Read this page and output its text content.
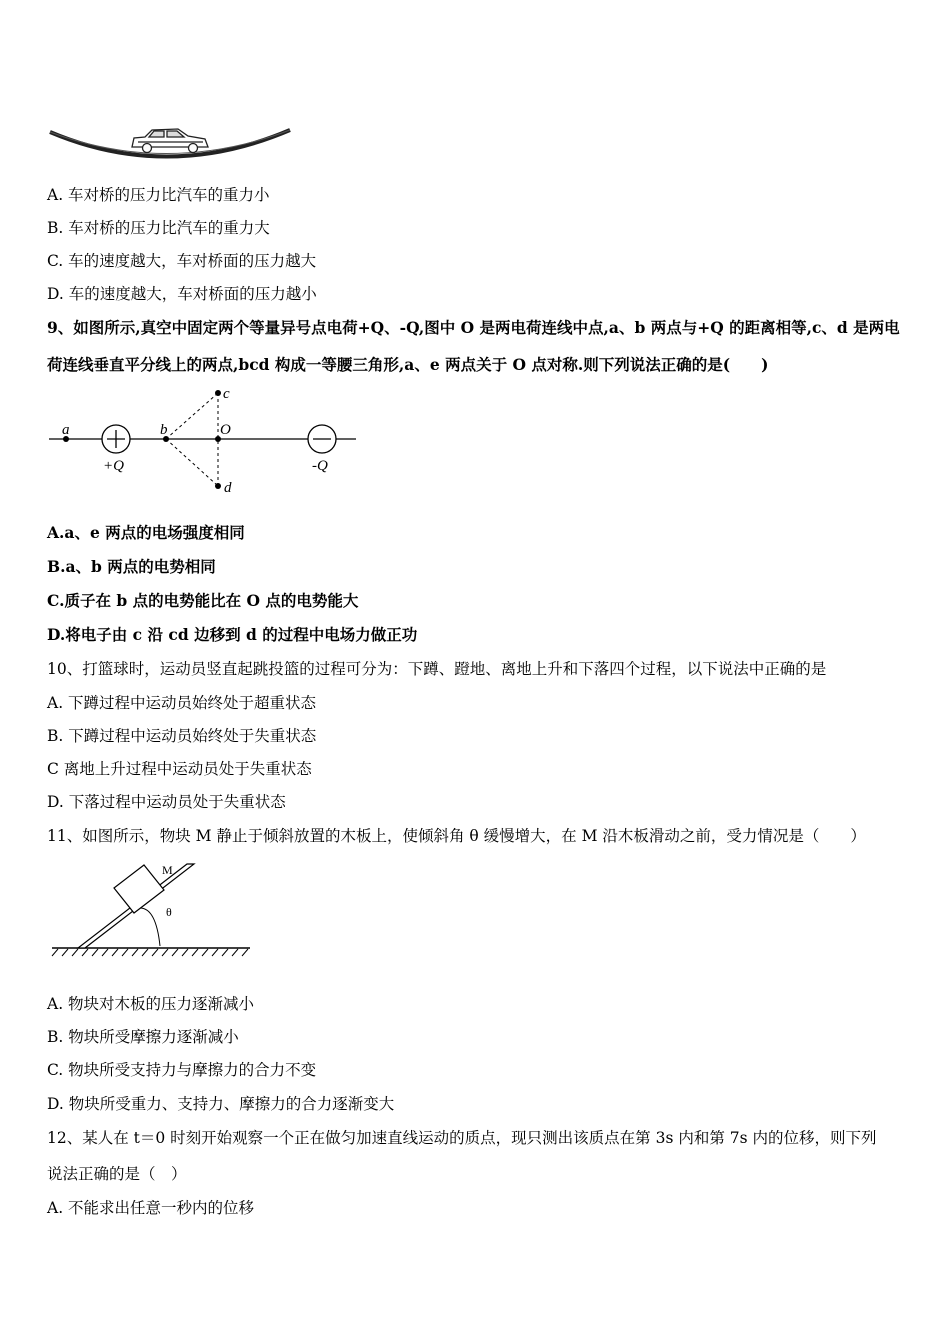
A. 车对桥的压力比汽车的重力小
B. 车对桥的压力比汽车的重力大
C. 车的速度越大，车对桥面的压力越大
D. 车的速度越大，车对桥面的压力越小
9、如图所示,真空中固定两个等量异号点电荷+Q、-Q,图中 O 是两电荷连线中点,a、b 两点与+Q 的距离相等,c、d 是两电
荷连线垂直平分线上的两点,bcd 构成一等腰三角形,a、e 两点关于 O 点对称.则下列说法正确的是(　　)
a
+Q
b
c
O
d
-Q
A.a、e 两点的电场强度相同
B.a、b 两点的电势相同
C.质子在 b 点的电势能比在 O 点的电势能大
D.将电子由 c 沿 cd 边移到 d 的过程中电场力做正功
10、打篮球时，运动员竖直起跳投篮的过程可分为：下蹲、蹬地、离地上升和下落四个过程，以下说法中正确的是
A. 下蹲过程中运动员始终处于超重状态
B. 下蹲过程中运动员始终处于失重状态
C 离地上升过程中运动员处于失重状态
D. 下落过程中运动员处于失重状态
11、如图所示，物块 M 静止于倾斜放置的木板上，使倾斜角 θ 缓慢增大，在 M 沿木板滑动之前，受力情况是（　　）
M
θ
A. 物块对木板的压力逐渐减小
B. 物块所受摩擦力逐渐减小
C. 物块所受支持力与摩擦力的合力不变
D. 物块所受重力、支持力、摩擦力的合力逐渐变大
12、某人在 t＝0 时刻开始观察一个正在做匀加速直线运动的质点，现只测出该质点在第 3s 内和第 7s 内的位移，则下列
说法正确的是（　）
A. 不能求出任意一秒内的位移
